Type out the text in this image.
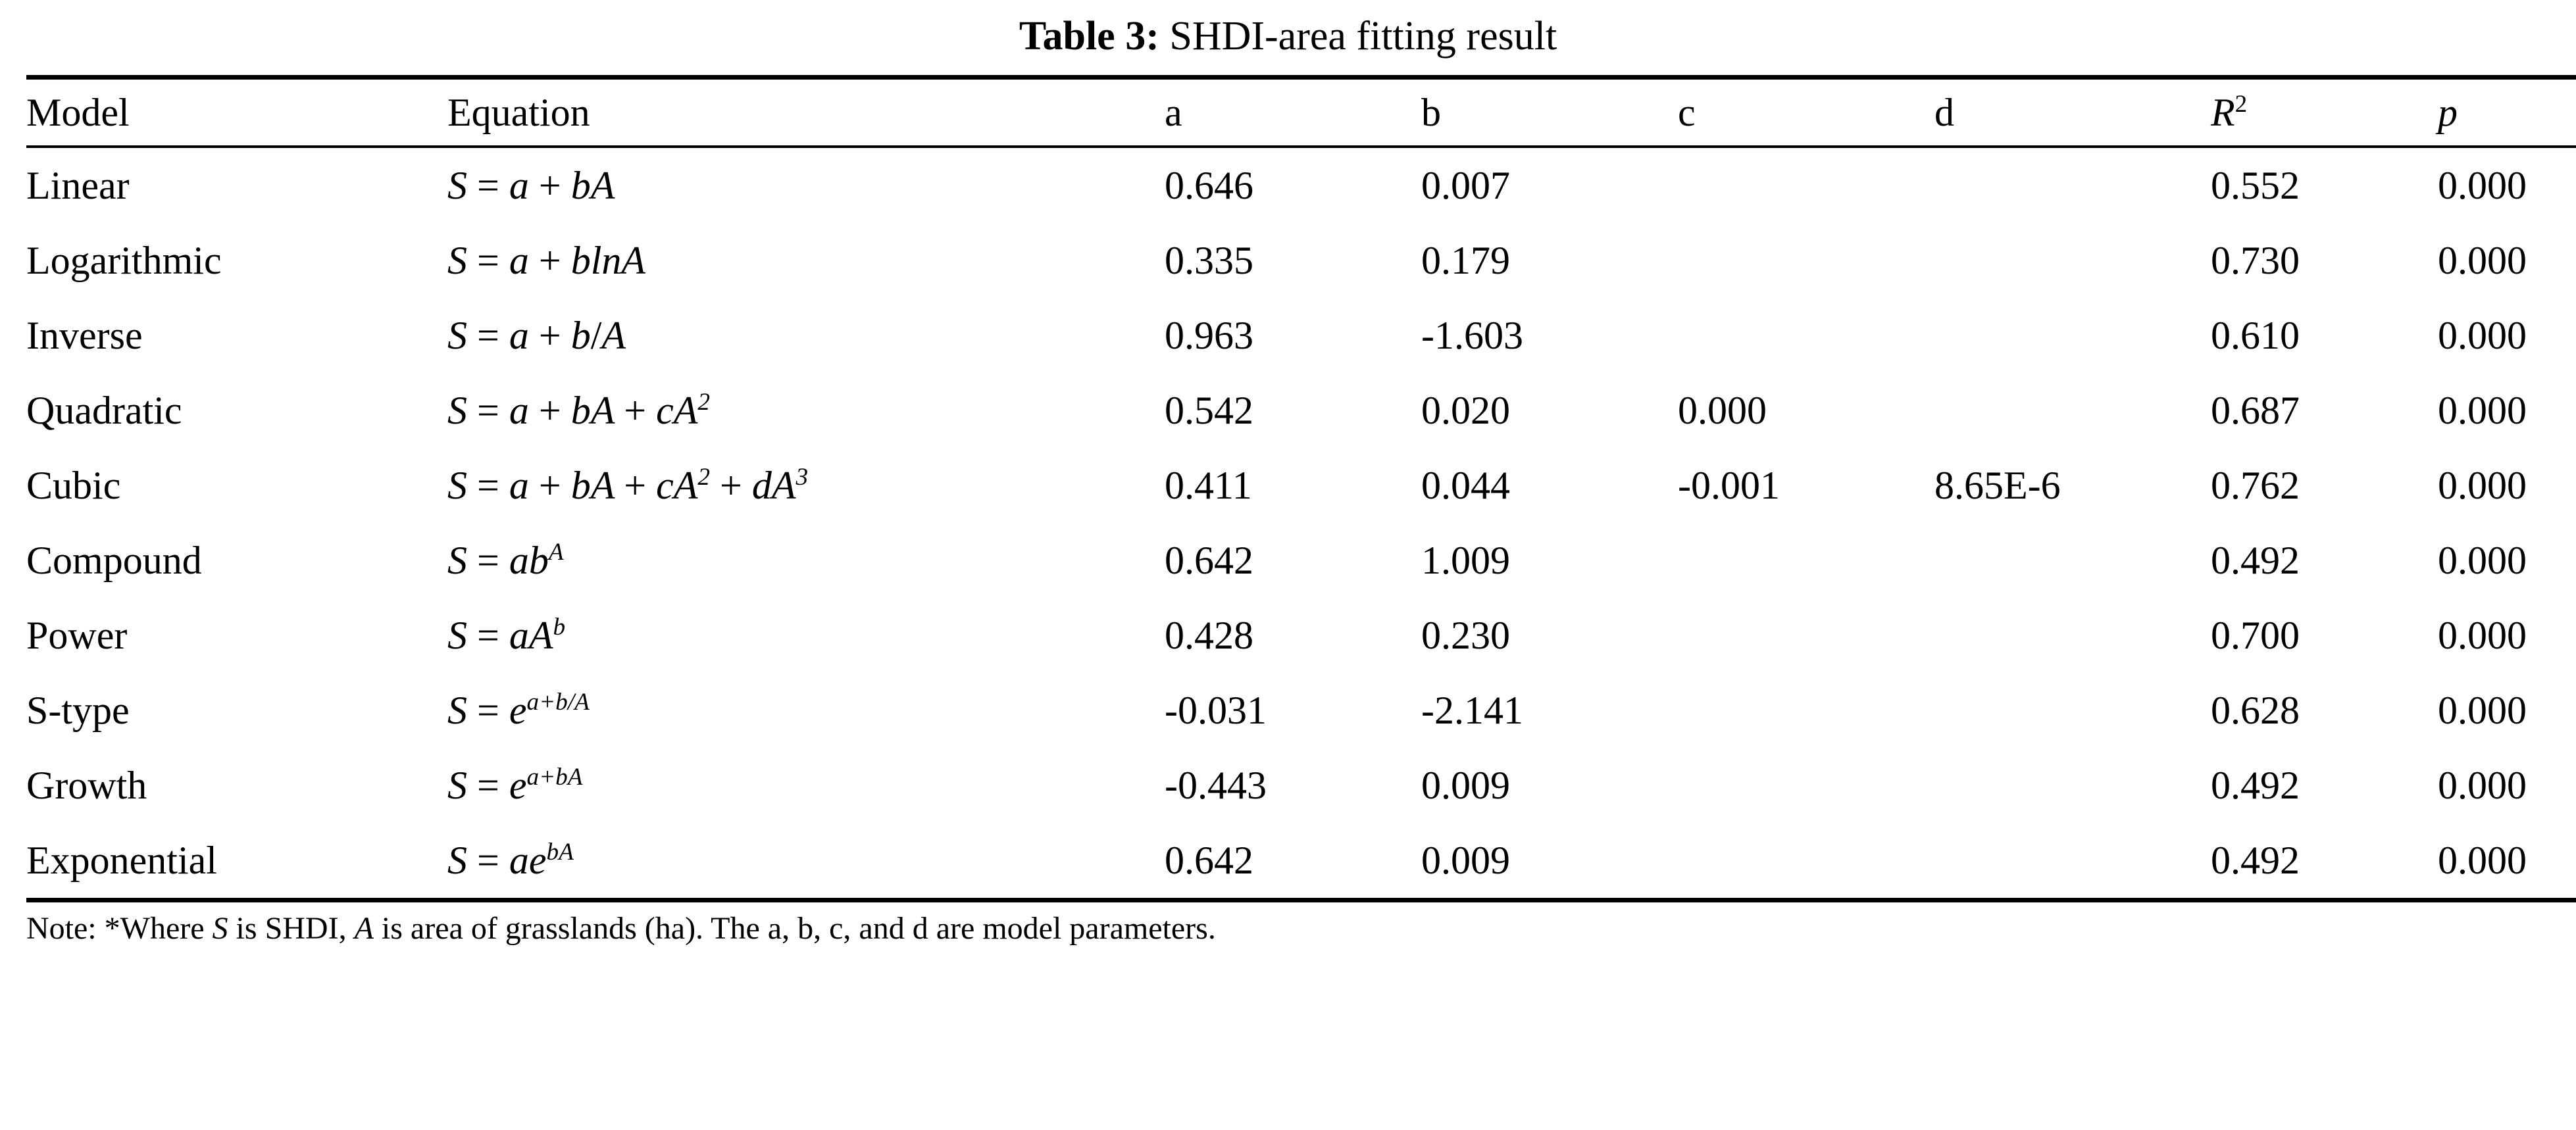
Table 3: SHDI-area fitting result
Model	Equation	a	b	c	d	$R^2$	p
Linear	S = a + bA	0.646	0.007			0.552	0.000
Logarithmic	S = a + blnA	0.335	0.179			0.730	0.000
Inverse	S = a + b/A	0.963	-1.603			0.610	0.000
Quadratic	S = a + bA + $cA^2$	0.542	0.020	0.000		0.687	0.000
Cubic	S = a + bA + $cA^2 + dA^3$	0.411	0.044	-0.001	8.65E-6	0.762	0.000
Compound	$S = ab^A$	0.642	1.009			0.492	0.000
Power	$S = aA^b$	0.428	0.230			0.700	0.000
S-type	$S = e^{a+b/A}$	-0.031	-2.141			0.628	0.000
Growth	$S = e^{a+bA}$	-0.443	0.009			0.492	0.000
Exponential	$S = ae^{bA}$	0.642	0.009			0.492	0.000
Note: *Where S is SHDI, A is area of grasslands (ha). The a, b, c, and d are model parameters.
